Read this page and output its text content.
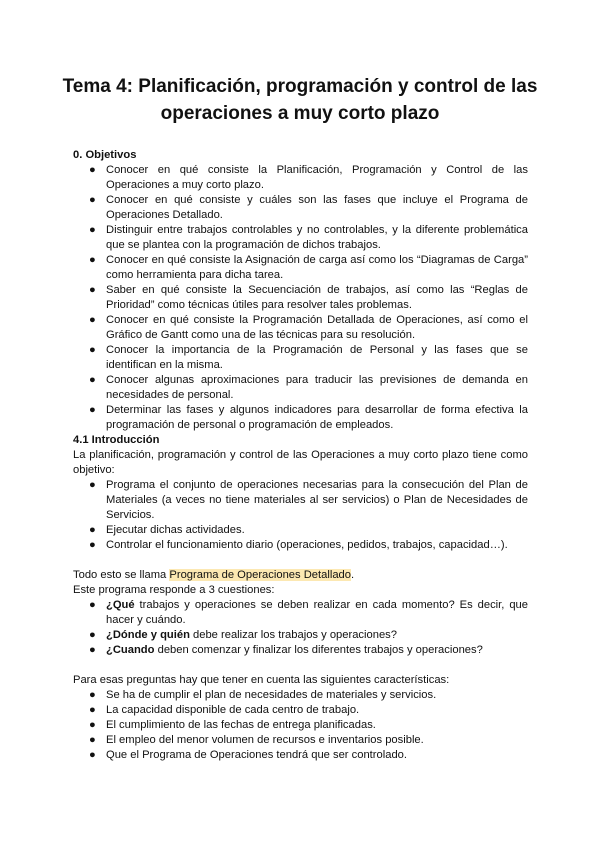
Tema 4: Planificación, programación y control de las
operaciones a muy corto plazo
0. Objetivos
● Conocer en qué consiste la Planificación, Programación y Control de las Operaciones a muy corto plazo.
● Conocer en qué consiste y cuáles son las fases que incluye el Programa de Operaciones Detallado.
● Distinguir entre trabajos controlables y no controlables, y la diferente problemática que se plantea con la programación de dichos trabajos.
● Conocer en qué consiste la Asignación de carga así como los “Diagramas de Carga” como herramienta para dicha tarea.
● Saber en qué consiste la Secuenciación de trabajos, así como las “Reglas de Prioridad” como técnicas útiles para resolver tales problemas.
● Conocer en qué consiste la Programación Detallada de Operaciones, así como el Gráfico de Gantt como una de las técnicas para su resolución.
● Conocer la importancia de la Programación de Personal y las fases que se identifican en la misma.
● Conocer algunas aproximaciones para traducir las previsiones de demanda en necesidades de personal.
● Determinar las fases y algunos indicadores para desarrollar de forma efectiva la programación de personal o programación de empleados.
4.1 Introducción
La planificación, programación y control de las Operaciones a muy corto plazo tiene como objetivo:
● Programa el conjunto de operaciones necesarias para la consecución del Plan de Materiales (a veces no tiene materiales al ser servicios) o Plan de Necesidades de Servicios.
● Ejecutar dichas actividades.
● Controlar el funcionamiento diario (operaciones, pedidos, trabajos, capacidad…).
Todo esto se llama Programa de Operaciones Detallado.
Este programa responde a 3 cuestiones:
● ¿Qué trabajos y operaciones se deben realizar en cada momento? Es decir, que hacer y cuándo.
● ¿Dónde y quién debe realizar los trabajos y operaciones?
● ¿Cuando deben comenzar y finalizar los diferentes trabajos y operaciones?
Para esas preguntas hay que tener en cuenta las siguientes características:
● Se ha de cumplir el plan de necesidades de materiales y servicios.
● La capacidad disponible de cada centro de trabajo.
● El cumplimiento de las fechas de entrega planificadas.
● El empleo del menor volumen de recursos e inventarios posible.
● Que el Programa de Operaciones tendrá que ser controlado.
